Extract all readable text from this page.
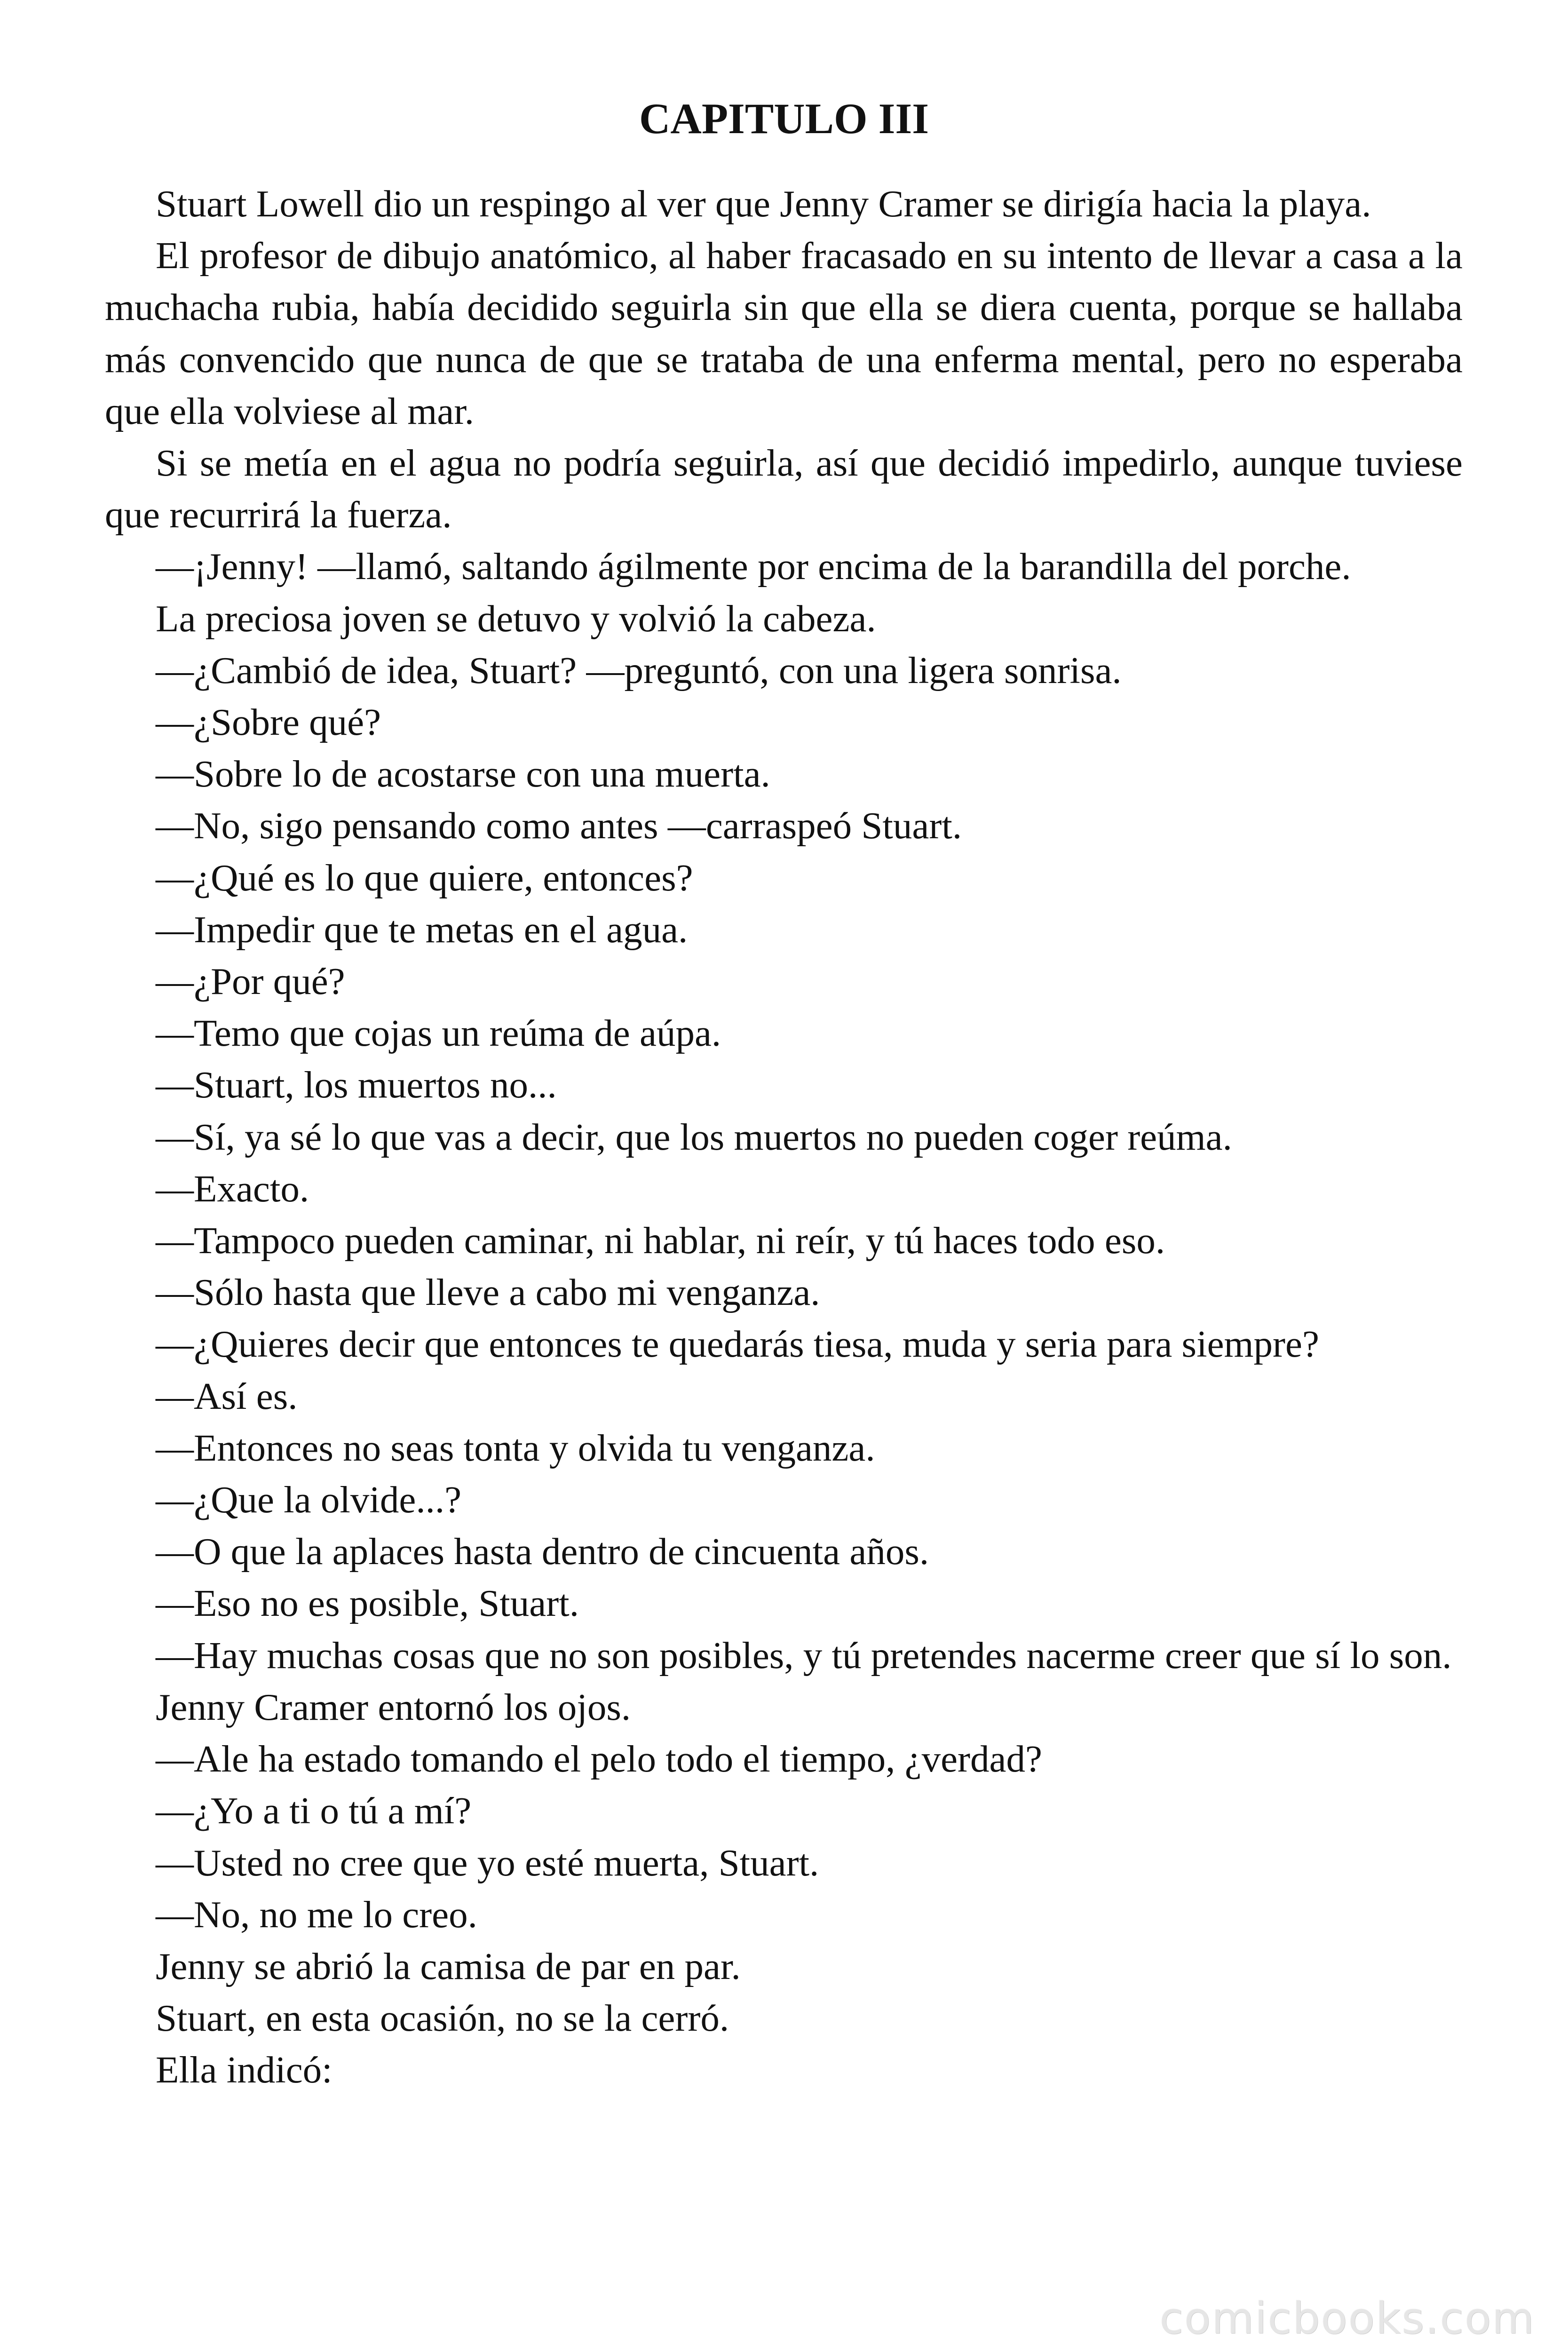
CAPITULO III

Stuart Lowell dio un respingo al ver que Jenny Cramer se dirigía hacia la playa.

El profesor de dibujo anatómico, al haber fracasado en su intento de llevar a casa a la muchacha rubia, había decidido seguirla sin que ella se diera cuenta, porque se hallaba más convencido que nunca de que se trataba de una enferma mental, pero no esperaba que ella volviese al mar.

Si se metía en el agua no podría seguirla, así que decidió impedirlo, aunque tuviese que recurrirá la fuerza.

—¡Jenny! —llamó, saltando ágilmente por encima de la barandilla del porche.

La preciosa joven se detuvo y volvió la cabeza.

—¿Cambió de idea, Stuart? —preguntó, con una ligera sonrisa.

—¿Sobre qué?

—Sobre lo de acostarse con una muerta.

—No, sigo pensando como antes —carraspeó Stuart.

—¿Qué es lo que quiere, entonces?

—Impedir que te metas en el agua.

—¿Por qué?

—Temo que cojas un reúma de aúpa.

—Stuart, los muertos no...

—Sí, ya sé lo que vas a decir, que los muertos no pueden coger reúma.

—Exacto.

—Tampoco pueden caminar, ni hablar, ni reír, y tú haces todo eso.

—Sólo hasta que lleve a cabo mi venganza.

—¿Quieres decir que entonces te quedarás tiesa, muda y seria para siempre?

—Así es.

—Entonces no seas tonta y olvida tu venganza.

—¿Que la olvide...?

—O que la aplaces hasta dentro de cincuenta años.

—Eso no es posible, Stuart.

—Hay muchas cosas que no son posibles, y tú pretendes nacerme creer que sí lo son.

Jenny Cramer entornó los ojos.

—Ale ha estado tomando el pelo todo el tiempo, ¿verdad?

—¿Yo a ti o tú a mí?

—Usted no cree que yo esté muerta, Stuart.

—No, no me lo creo.

Jenny se abrió la camisa de par en par.

Stuart, en esta ocasión, no se la cerró.

Ella indicó:

comicbooks.com
